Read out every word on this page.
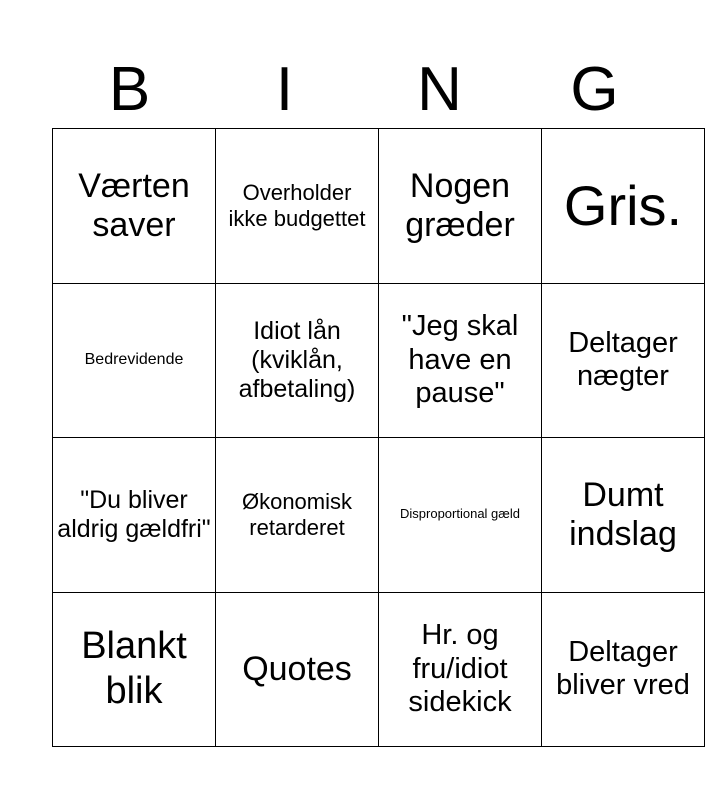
B	I	N	G
Værten saver	Overholder ikke budgettet	Nogen græder	Gris.
Bedrevidende	Idiot lån (kviklån, afbetaling)	"Jeg skal have en pause"	Deltager nægter
"Du bliver aldrig gældfri"	Økonomisk retarderet	Disproportional gæld	Dumt indslag
Blankt blik	Quotes	Hr. og fru/idiot sidekick	Deltager bliver vred
